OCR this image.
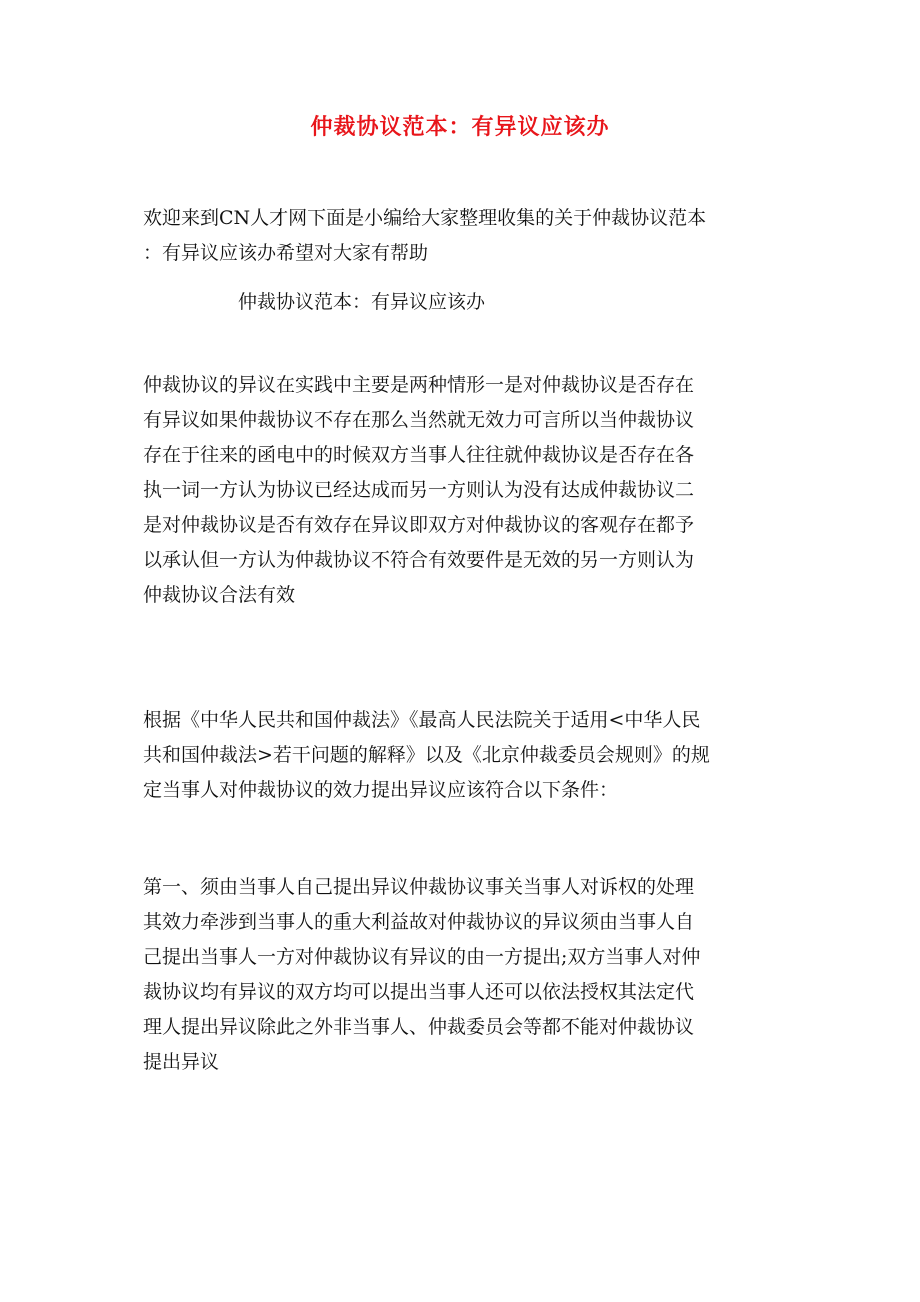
仲裁协议范本：有异议应该办
欢迎来到CN人才网下面是小编给大家整理收集的关于仲裁协议范本
：有异议应该办希望对大家有帮助
仲裁协议范本：有异议应该办
仲裁协议的异议在实践中主要是两种情形一是对仲裁协议是否存在
有异议如果仲裁协议不存在那么当然就无效力可言所以当仲裁协议
存在于往来的函电中的时候双方当事人往往就仲裁协议是否存在各
执一词一方认为协议已经达成而另一方则认为没有达成仲裁协议二
是对仲裁协议是否有效存在异议即双方对仲裁协议的客观存在都予
以承认但一方认为仲裁协议不符合有效要件是无效的另一方则认为
仲裁协议合法有效
根据《中华人民共和国仲裁法》《最高人民法院关于适用<中华人民
共和国仲裁法>若干问题的解释》以及《北京仲裁委员会规则》的规
定当事人对仲裁协议的效力提出异议应该符合以下条件：
第一、须由当事人自己提出异议仲裁协议事关当事人对诉权的处理
其效力牵涉到当事人的重大利益故对仲裁协议的异议须由当事人自
己提出当事人一方对仲裁协议有异议的由一方提出;双方当事人对仲
裁协议均有异议的双方均可以提出当事人还可以依法授权其法定代
理人提出异议除此之外非当事人、仲裁委员会等都不能对仲裁协议
提出异议
